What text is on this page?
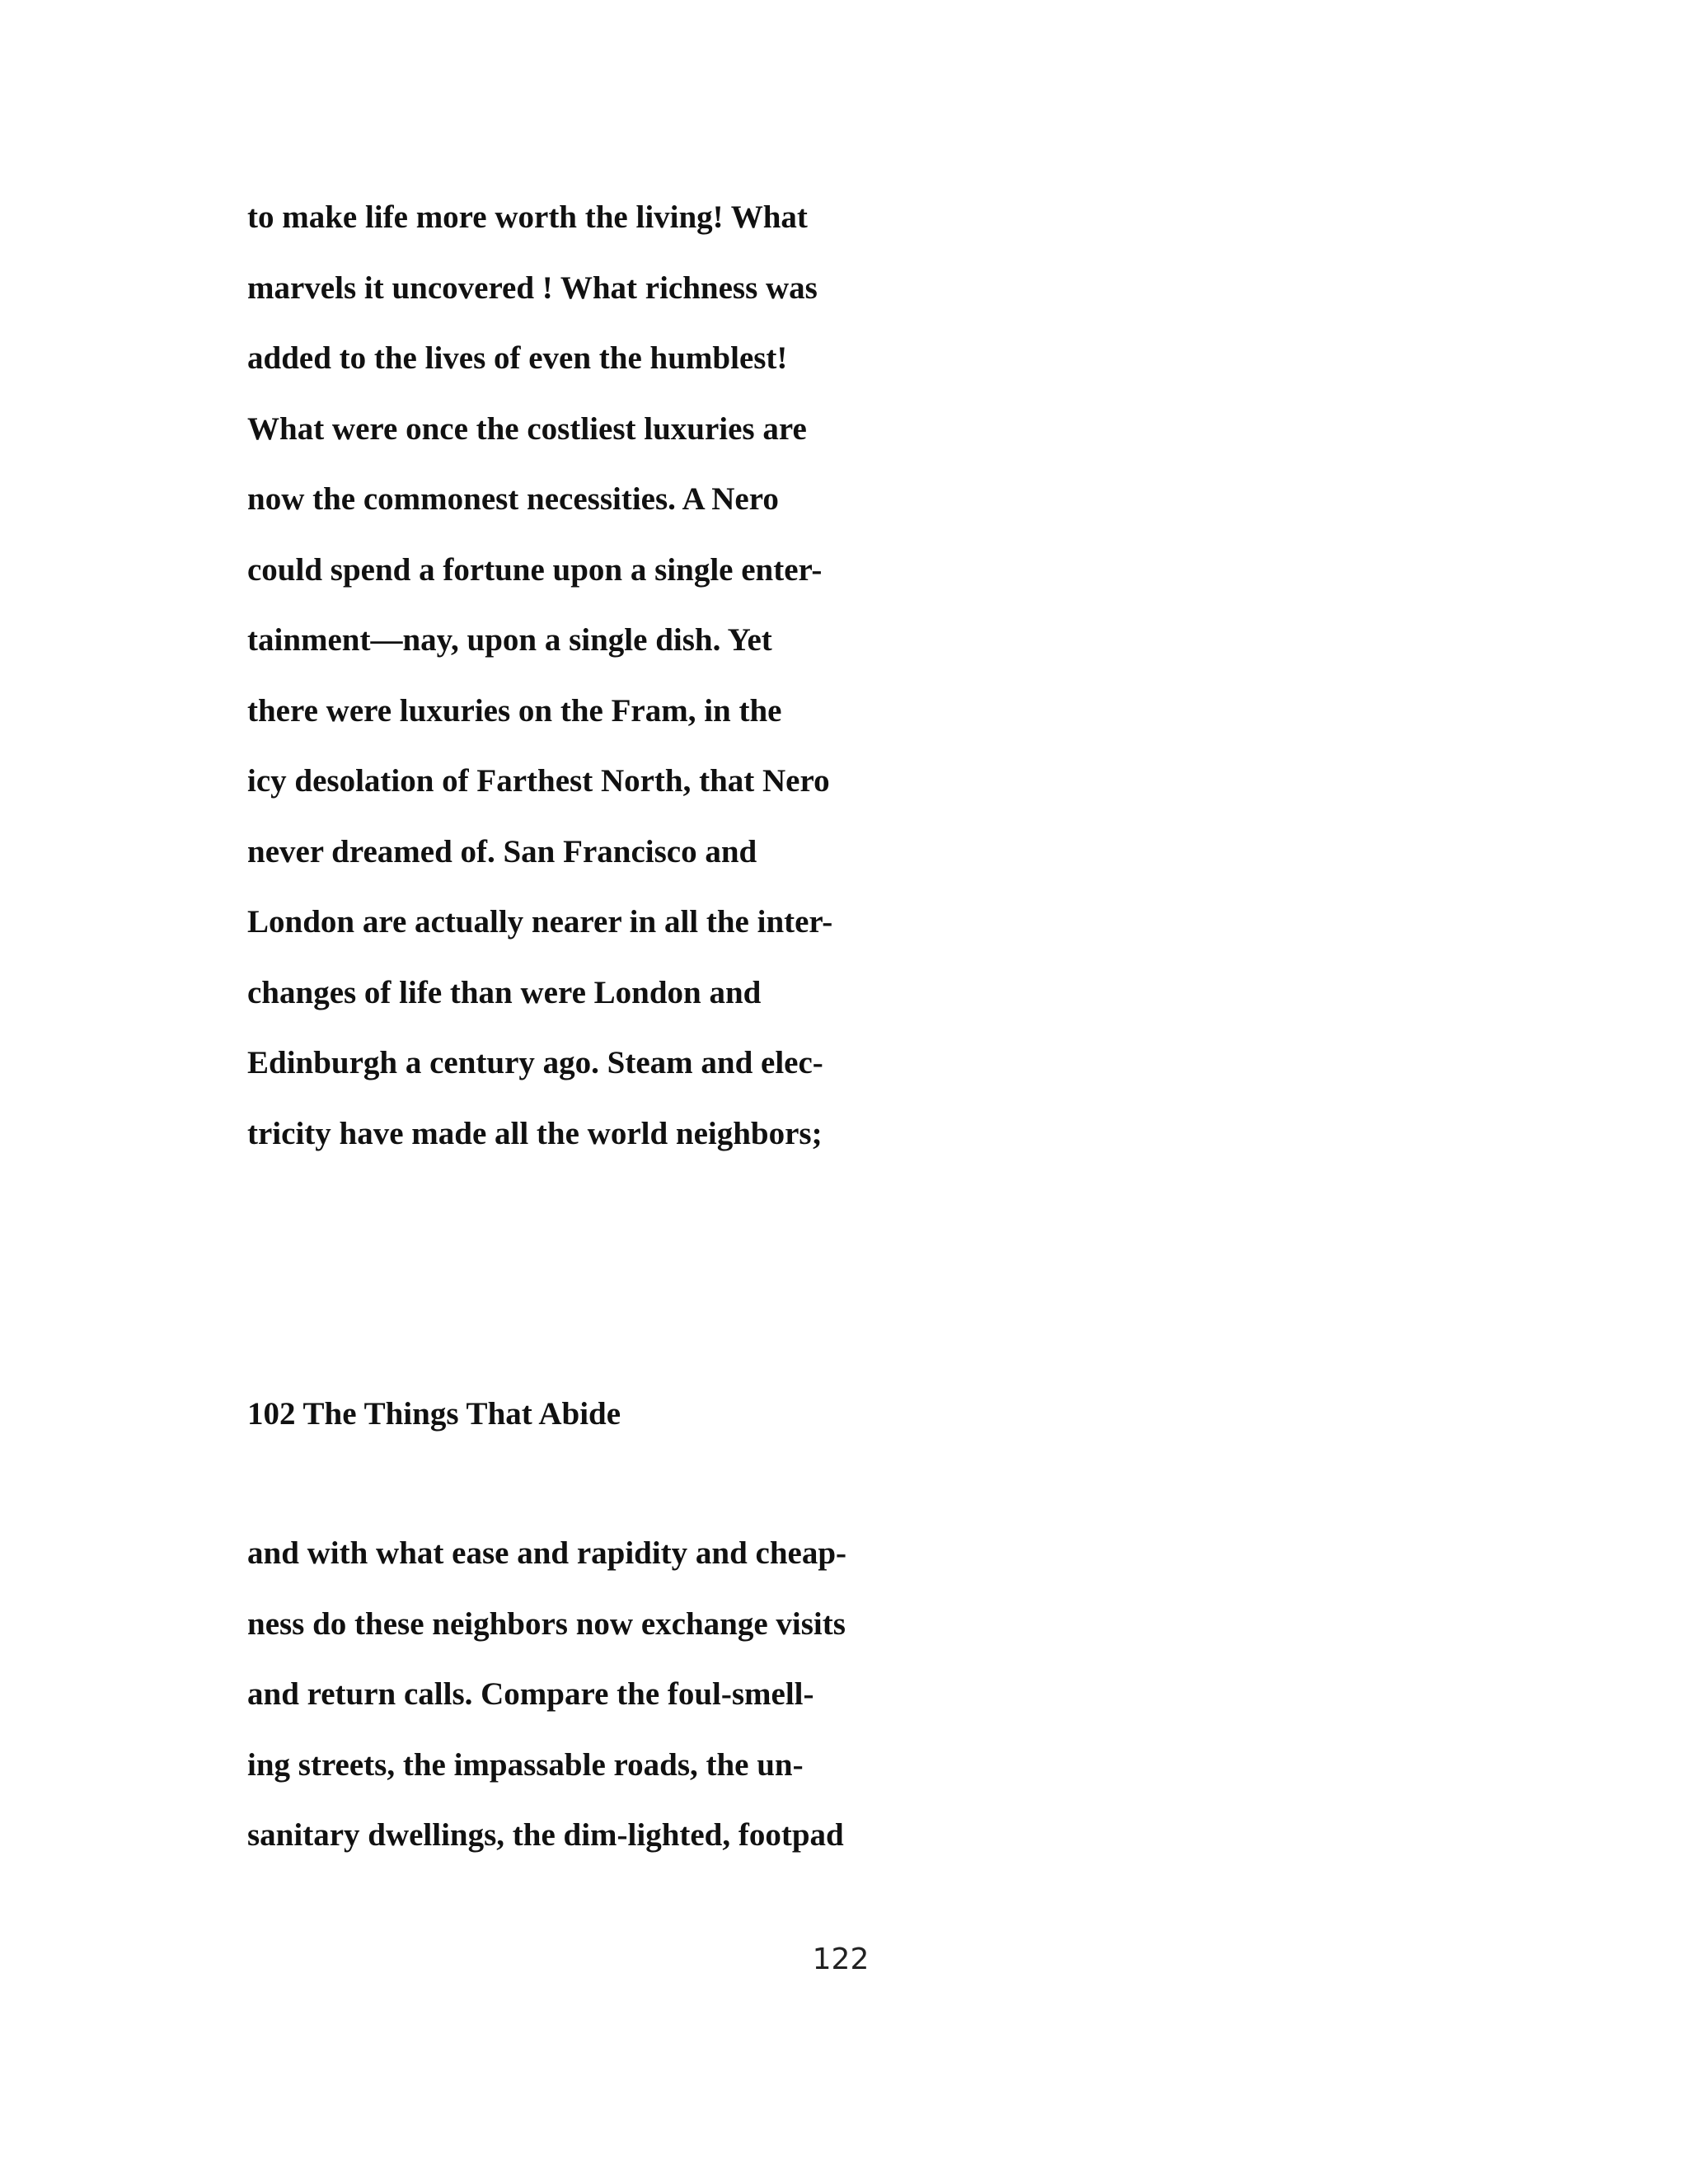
to make life more worth the living! What
marvels it uncovered ! What richness was
added to the lives of even the humblest!
What were once the costliest luxuries are
now the commonest necessities. A Nero
could spend a fortune upon a single enter-
tainment—nay, upon a single dish. Yet
there were luxuries on the Fram, in the
icy desolation of Farthest North, that Nero
never dreamed of. San Francisco and
London are actually nearer in all the inter-
changes of life than were London and
Edinburgh a century ago. Steam and elec-
tricity have made all the world neighbors;
102 The Things That Abide
and with what ease and rapidity and cheap-
ness do these neighbors now exchange visits
and return calls. Compare the foul-smell-
ing streets, the impassable roads, the un-
sanitary dwellings, the dim-lighted, footpad
122
